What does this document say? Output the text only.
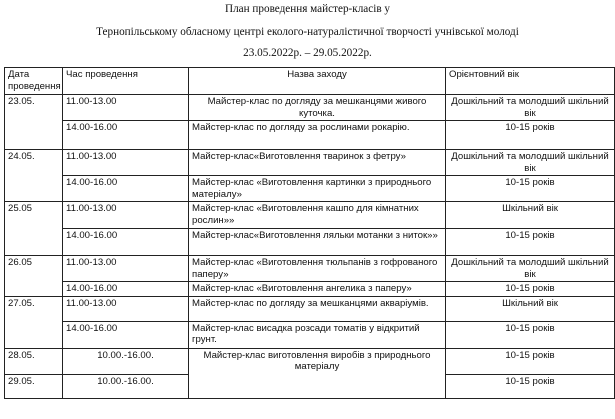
План проведення майстер-класів у
Тернопільському обласному центрі еколого-натуралістичної творчості учнівської молоді
23.05.2022р. – 29.05.2022р.
Дата проведення	Час проведення	Назва заходу	Орієнтовний вік
23.05.	11.00-13.00	Майстер-клас по догляду за мешканцями живого куточка.	Дошкільний та молодший шкільний вік
	14.00-16.00	Майстер-клас по догляду за рослинами рокарію.	10-15 років
24.05.	11.00-13.00	Майстер-клас«Виготовлення тваринок з фетру»	Дошкільний та молодший шкільний вік
	14.00-16.00	Майстер-клас «Виготовлення картинки з природнього матеріалу»	10-15 років
25.05	11.00-13.00	Майстер-клас «Виготовлення кашпо для кімнатних рослин»»	Шкільний вік
	14.00-16.00	Майстер-клас«Виготовлення ляльки мотанки з ниток»»	10-15 років
26.05	11.00-13.00	Майстер-клас «Виготовлення тюльпанів з гофрованого паперу»	Дошкільний та молодший шкільний вік
	14.00-16.00	Майстер-клас «Виготовлення ангелика з паперу»	10-15 років
27.05.	11.00-13.00	Майстер-клас по догляду за мешканцями акваріумів.	Шкільний вік
	14.00-16.00	Майстер-клас висадка розсади томатів у відкритий грунт.	10-15 років
28.05.	10.00.-16.00.	Майстер-клас виготовлення виробів з природнього матеріалу	10-15 років
29.05.	10.00.-16.00.		10-15 років
